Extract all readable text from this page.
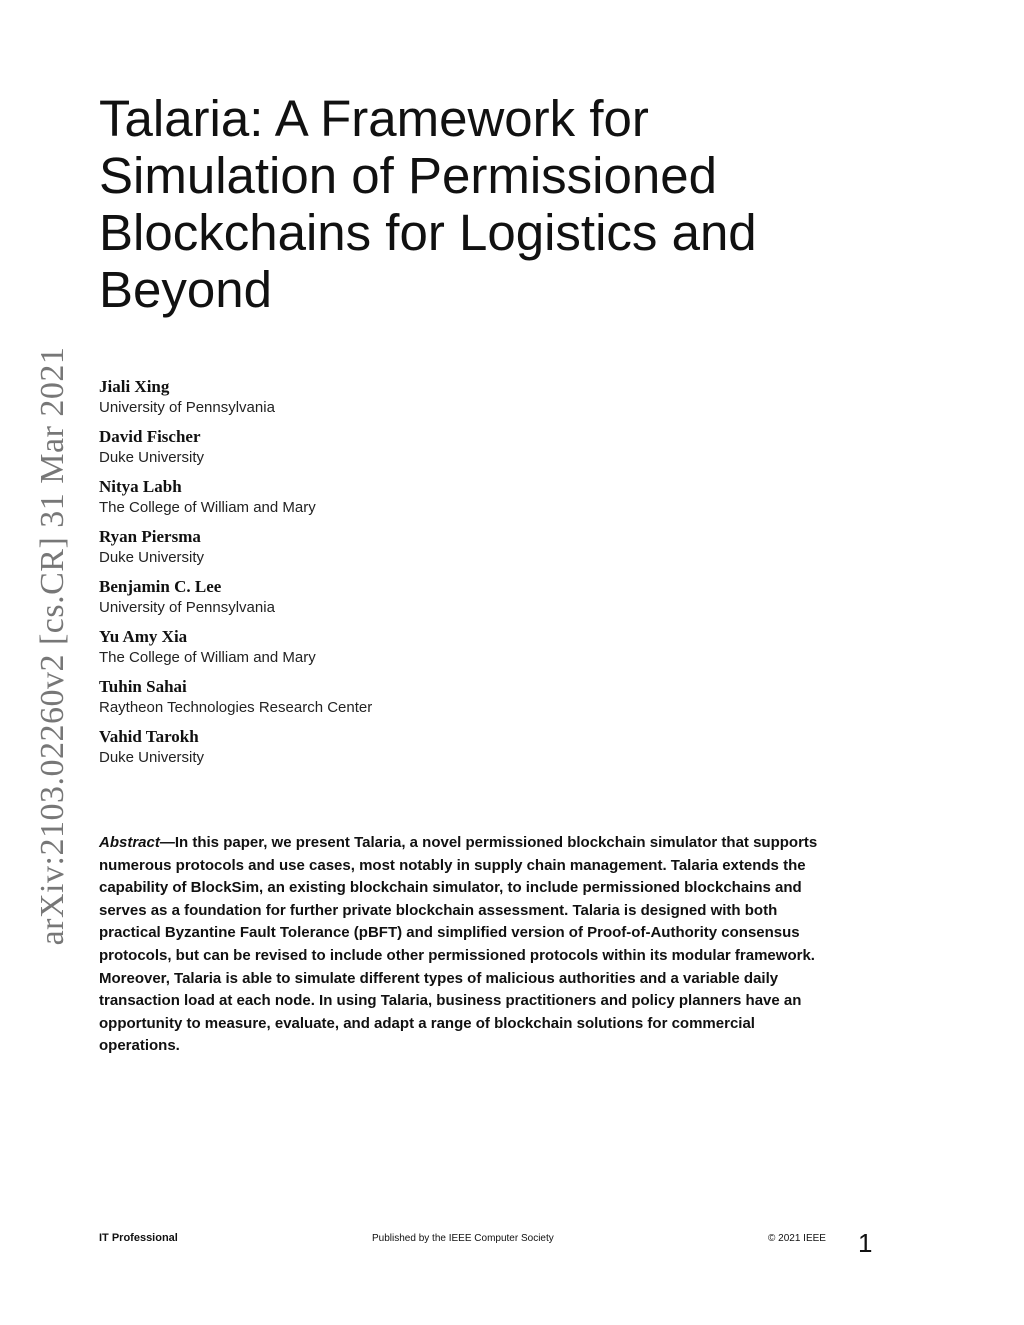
arXiv:2103.02260v2 [cs.CR] 31 Mar 2021
Talaria: A Framework for
Simulation of Permissioned
Blockchains for Logistics and
Beyond
Jiali Xing
University of Pennsylvania
David Fischer
Duke University
Nitya Labh
The College of William and Mary
Ryan Piersma
Duke University
Benjamin C. Lee
University of Pennsylvania
Yu Amy Xia
The College of William and Mary
Tuhin Sahai
Raytheon Technologies Research Center
Vahid Tarokh
Duke University

Abstract—In this paper, we present Talaria, a novel permissioned blockchain simulator that supports numerous protocols and use cases, most notably in supply chain management. Talaria extends the capability of BlockSim, an existing blockchain simulator, to include permissioned blockchains and serves as a foundation for further private blockchain assessment. Talaria is designed with both practical Byzantine Fault Tolerance (pBFT) and simplified version of Proof-of-Authority consensus protocols, but can be revised to include other permissioned protocols within its modular framework. Moreover, Talaria is able to simulate different types of malicious authorities and a variable daily transaction load at each node. In using Talaria, business practitioners and policy planners have an opportunity to measure, evaluate, and adapt a range of blockchain solutions for commercial operations.

IT Professional	Published by the IEEE Computer Society	© 2021 IEEE 1
